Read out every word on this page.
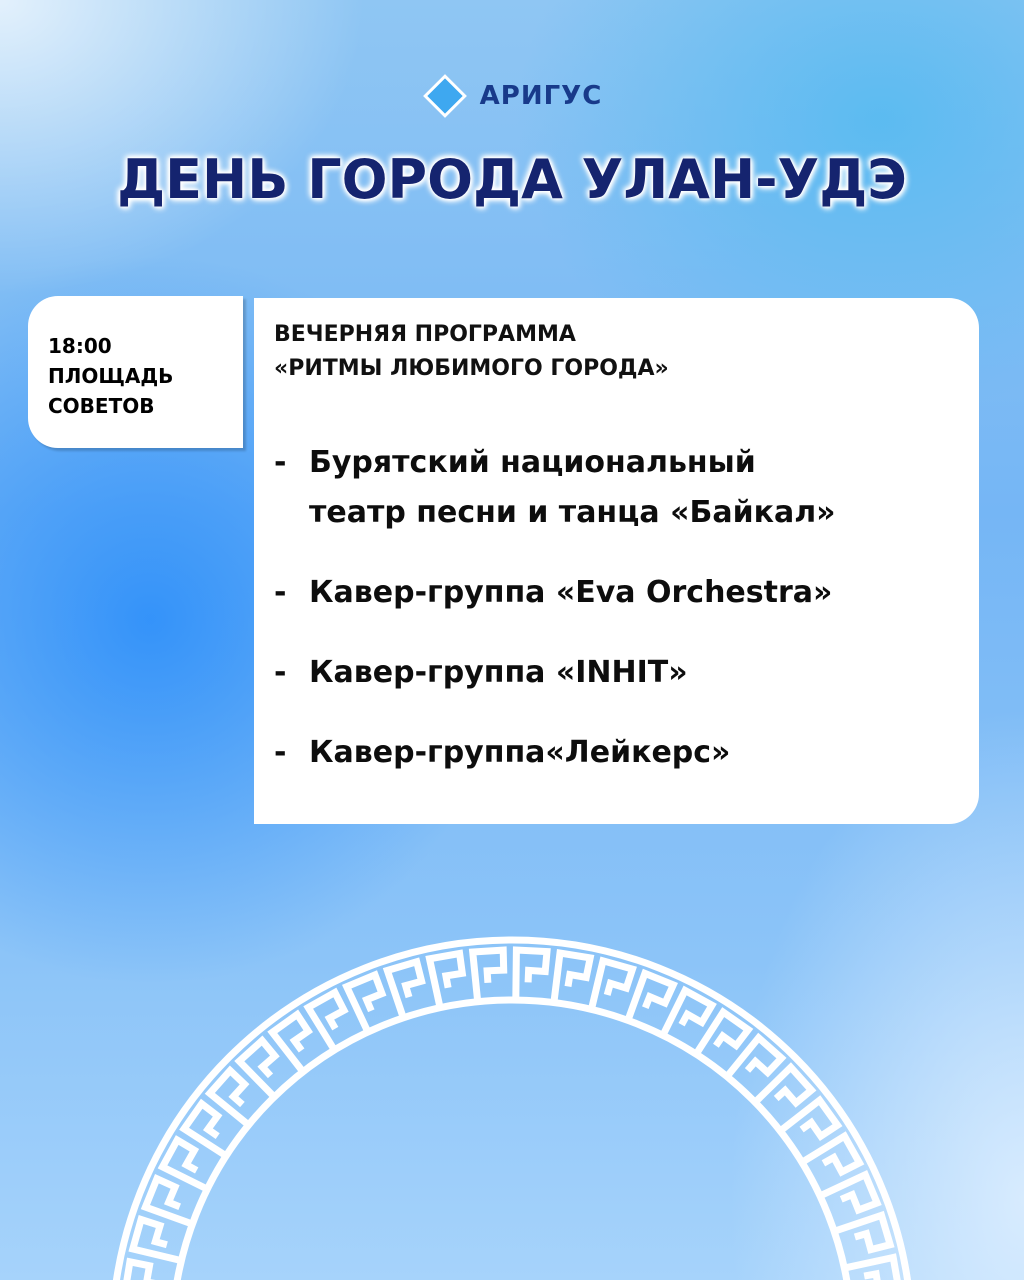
АРИГУС
ДЕНЬ ГОРОДА УЛАН-УДЭ
18:00
ПЛОЩАДЬ
СОВЕТОВ
ВЕЧЕРНЯЯ ПРОГРАММА
«РИТМЫ ЛЮБИМОГО ГОРОДА»
- Бурятский национальный
театр песни и танца «Байкал»
- Кавер-группа «Eva Orchestra»
- Кавер-группа «INHIT»
- Кавер-группа«Лейкерс»
